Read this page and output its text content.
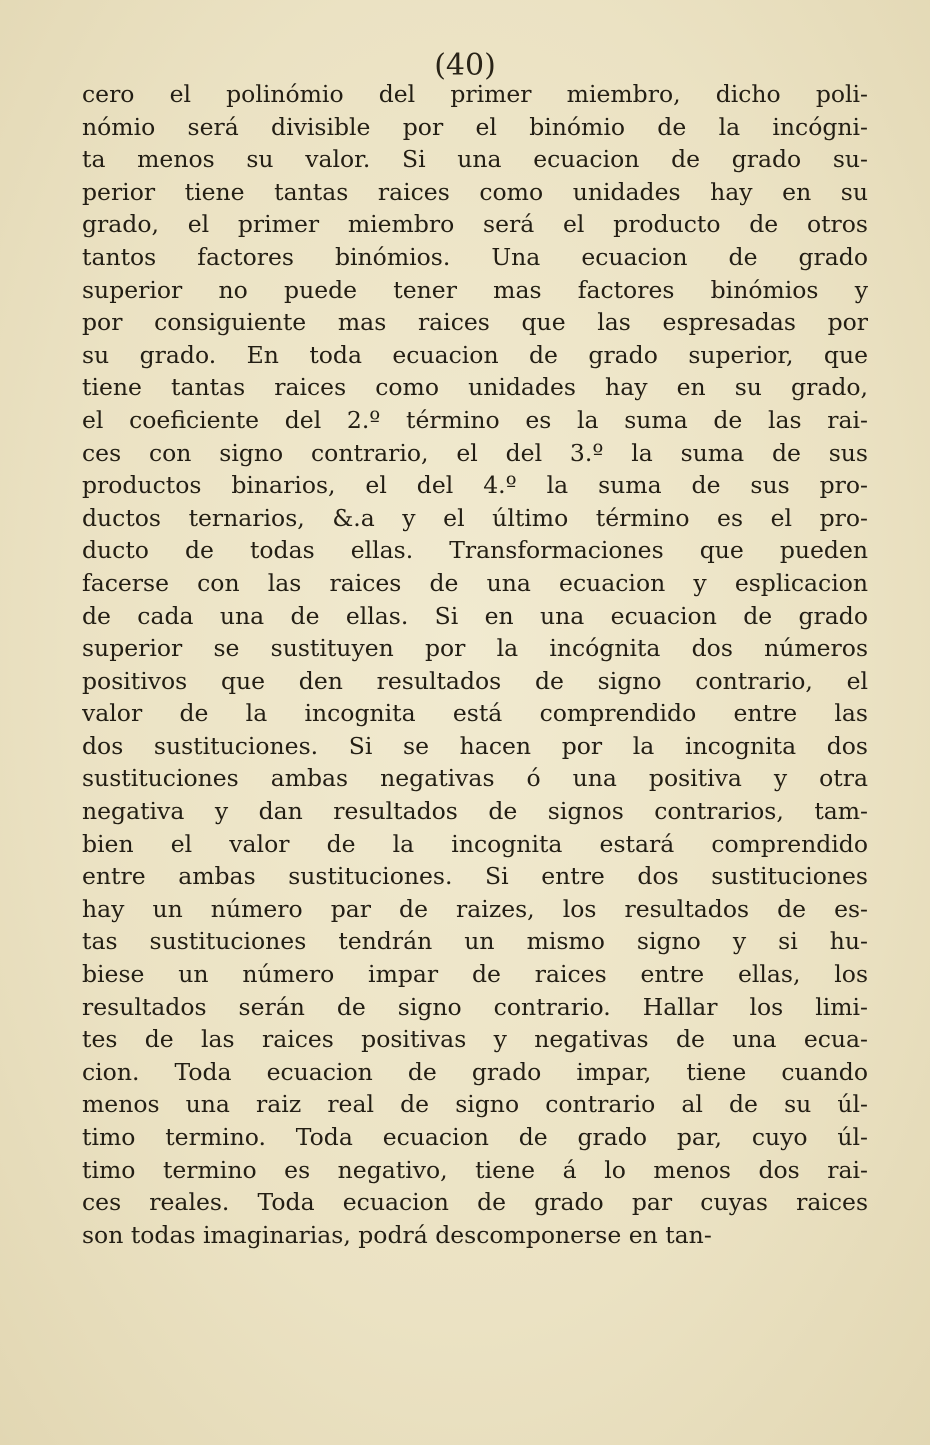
(40)
cero el polinómio del primer miembro, dicho poli-
nómio será divisible por el binómio de la incógni-
ta menos su valor. Si una ecuacion de grado su-
perior tiene tantas raices como unidades hay en su
grado, el primer miembro será el producto de otros
tantos factores binómios. Una ecuacion de grado
superior no puede tener mas factores binómios y
por consiguiente mas raices que las espresadas por
su grado. En toda ecuacion de grado superior, que
tiene tantas raices como unidades hay en su grado,
el coeficiente del 2.º término es la suma de las rai-
ces con signo contrario, el del 3.º la suma de sus
productos binarios, el del 4.º la suma de sus pro-
ductos ternarios, &.a y el último término es el pro-
ducto de todas ellas. Transformaciones que pueden
facerse con las raices de una ecuacion y esplicacion
de cada una de ellas. Si en una ecuacion de grado
superior se sustituyen por la incógnita dos números
positivos que den resultados de signo contrario, el
valor de la incognita está comprendido entre las
dos sustituciones. Si se hacen por la incognita dos
sustituciones ambas negativas ó una positiva y otra
negativa y dan resultados de signos contrarios, tam-
bien el valor de la incognita estará comprendido
entre ambas sustituciones. Si entre dos sustituciones
hay un número par de raizes, los resultados de es-
tas sustituciones tendrán un mismo signo y si hu-
biese un número impar de raices entre ellas, los
resultados serán de signo contrario. Hallar los limi-
tes de las raices positivas y negativas de una ecua-
cion. Toda ecuacion de grado impar, tiene cuando
menos una raiz real de signo contrario al de su úl-
timo termino. Toda ecuacion de grado par, cuyo úl-
timo termino es negativo, tiene á lo menos dos rai-
ces reales. Toda ecuacion de grado par cuyas raices
son todas imaginarias, podrá descomponerse en tan-
